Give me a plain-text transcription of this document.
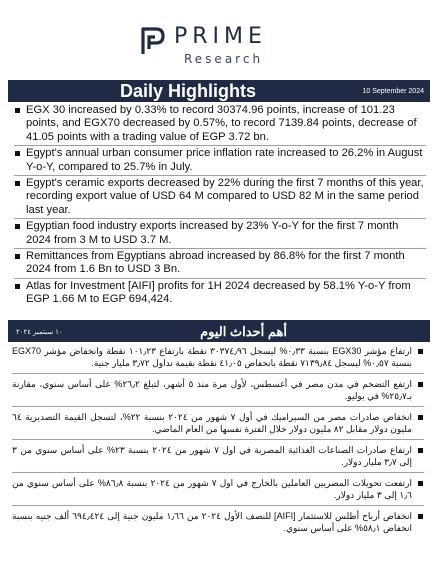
PRIME
Research
Daily Highlights	10 September 2024
EGX 30 increased by 0.33% to record 30374.96 points, increase of 101.23 points, and EGX70 decreased by 0.57%, to record 7139.84 points, decrease of 41.05 points with a trading value of EGP 3.72 bn.
Egypt's annual urban consumer price inflation rate increased to 26.2% in August Y-o-Y, compared to 25.7% in July.
Egypt's ceramic exports decreased by 22% during the first 7 months of this year, recording export value of USD 64 M compared to USD 82 M in the same period last year.
Egyptian food industry exports increased by 23% Y-o-Y for the first 7 month 2024 from 3 M to USD 3.7 M.
Remittances from Egyptians abroad increased by 86.8% for the first 7 month 2024 from 1.6 Bn to USD 3 Bn.
Atlas for Investment [AIFI] profits for 1H 2024 decreased by 58.1% Y-o-Y from EGP 1.66 M to EGP 694,424.
أهم أحداث اليوم
١٠ سبتمبر ٢٠٢٤
ارتفاع مؤشر EGX30 بنسبة ٠٫٣٣% ليسجل ٣٠٣٧٤٫٩٦ نقطة بارتفاع ١٠١٫٢٣ نقطة وانخفاض مؤشر EGX70 بنسبة ٠٫٥٧% ليسجل ٧١٣٩٫٨٤ نقطة بانخفاض ٤١٫٠٥ نقطة بقيمة تداول ٣٫٧٢ مليار جنية.
ارتفع التضخم في مدن مصر في أغسطس، لأول مرة منذ ٥ أشهر، لتبلغ ٢٦٫٢% على أساس سنوي، مقارنة بـ٢٥٫٧% في يوليو.
انخفاض صادرات مصر من السيراميك في أول ٧ شهور من ٢٠٢٤ بنسبة ٢٢%، لتسجل القيمة التصديرية ٦٤ مليون دولار مقابل ٨٢ مليون دولار خلال الفترة نفسها من العام الماضي.
ارتفاع صادرات الصناعات الغذائية المصرية في اول ٧ شهور من ٢٠٢٤ بنسبة ٢٣% على أساس سنوي من ٣ إلى ٣٫٧ مليار دولار.
ارتفعت تحويلات المصريين العاملين بالخارج في اول ٧ شهور من ٢٠٢٤ بنسبة ٨٦٫٨% على أساس سنوي من ١٫٦ إلى ٣ مليار دولار.
انخفاض أرباح أطلس للاستثمار [AIFI] للنصف الأول ٢٠٢٤ من ١٫٦٦ مليون جنية إلى ٦٩٤٫٤٢٤ ألف جنيه بنسبة انخفاض ٥٨٫١% على أساس سنوي.
